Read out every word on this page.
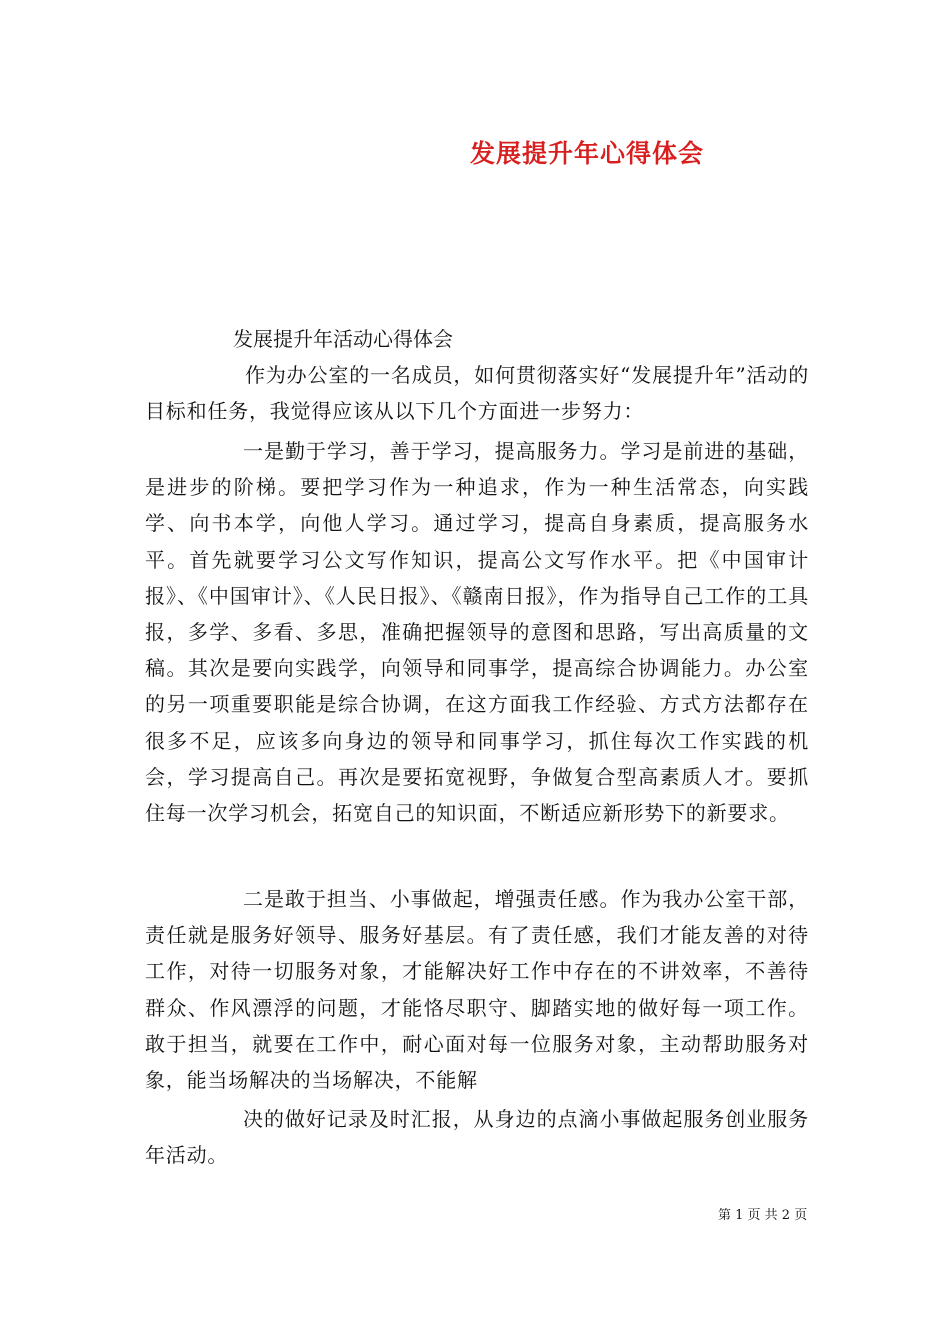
发展提升年心得体会

发展提升年活动心得体会

作为办公室的一名成员，如何贯彻落实好“发展提升年”活动的目标和任务，我觉得应该从以下几个方面进一步努力：

一是勤于学习，善于学习，提高服务力。学习是前进的基础，是进步的阶梯。要把学习作为一种追求，作为一种生活常态，向实践学、向书本学，向他人学习。通过学习，提高自身素质，提高服务水平。首先就要学习公文写作知识，提高公文写作水平。把《中国审计报》、《中国审计》、《人民日报》、《赣南日报》，作为指导自己工作的工具报，多学、多看、多思，准确把握领导的意图和思路，写出高质量的文稿。其次是要向实践学，向领导和同事学，提高综合协调能力。办公室的另一项重要职能是综合协调，在这方面我工作经验、方式方法都存在很多不足，应该多向身边的领导和同事学习，抓住每次工作实践的机会，学习提高自己。再次是要拓宽视野，争做复合型高素质人才。要抓住每一次学习机会，拓宽自己的知识面，不断适应新形势下的新要求。

二是敢于担当、小事做起，增强责任感。作为我办公室干部，责任就是服务好领导、服务好基层。有了责任感，我们才能友善的对待工作，对待一切服务对象，才能解决好工作中存在的不讲效率，不善待群众、作风漂浮的问题，才能恪尽职守、脚踏实地的做好每一项工作。敢于担当，就要在工作中，耐心面对每一位服务对象，主动帮助服务对象，能当场解决的当场解决，不能解

决的做好记录及时汇报，从身边的点滴小事做起服务创业服务年活动。

第 1 页 共 2 页
